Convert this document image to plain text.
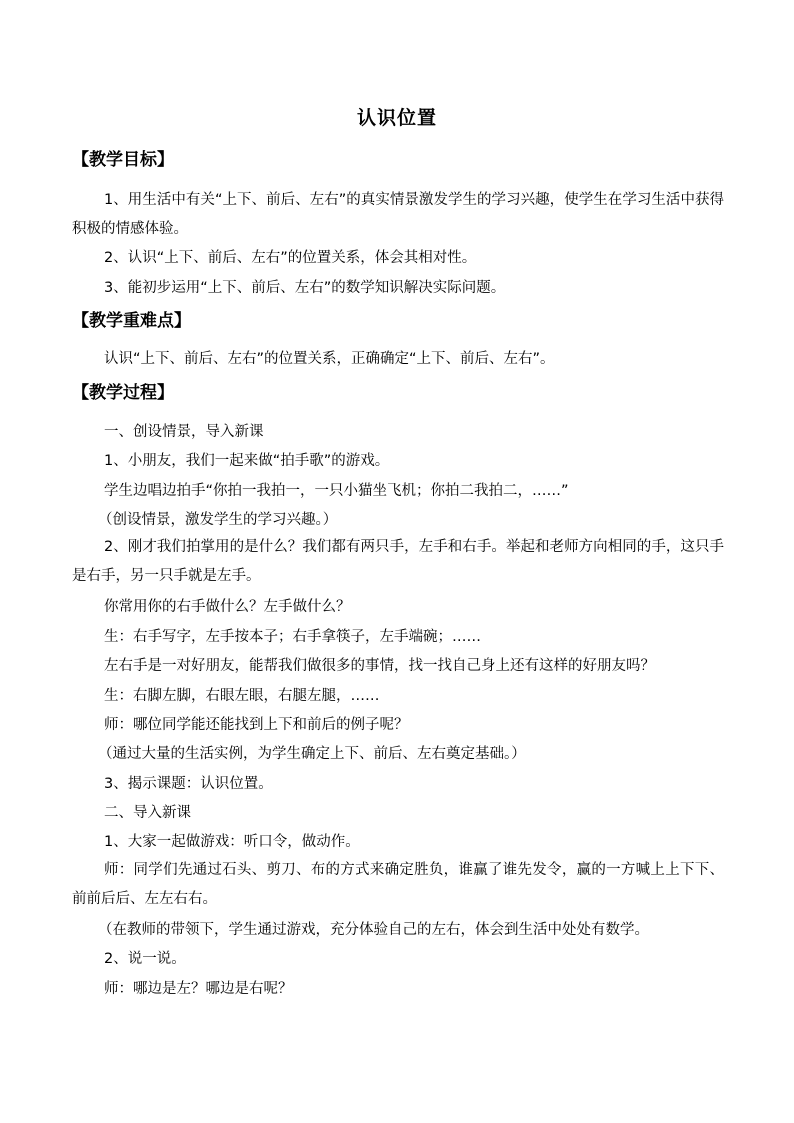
认识位置
【教学目标】
1、用生活中有关“上下、前后、左右”的真实情景激发学生的学习兴趣，使学生在学习生活中获得积极的情感体验。
2、认识“上下、前后、左右”的位置关系，体会其相对性。
3、能初步运用“上下、前后、左右”的数学知识解决实际问题。
【教学重难点】
认识“上下、前后、左右”的位置关系，正确确定“上下、前后、左右”。
【教学过程】
一、创设情景，导入新课
1、小朋友，我们一起来做“拍手歌”的游戏。
学生边唱边拍手“你拍一我拍一，一只小猫坐飞机；你拍二我拍二，……”
（创设情景，激发学生的学习兴趣。）
2、刚才我们拍掌用的是什么？我们都有两只手，左手和右手。举起和老师方向相同的手，这只手是右手，另一只手就是左手。
你常用你的右手做什么？左手做什么？
生：右手写字，左手按本子；右手拿筷子，左手端碗；……
左右手是一对好朋友，能帮我们做很多的事情，找一找自己身上还有这样的好朋友吗？
生：右脚左脚，右眼左眼，右腿左腿，……
师：哪位同学能还能找到上下和前后的例子呢？
（通过大量的生活实例，为学生确定上下、前后、左右奠定基础。）
3、揭示课题：认识位置。
二、导入新课
1、大家一起做游戏：听口令，做动作。
师：同学们先通过石头、剪刀、布的方式来确定胜负，谁赢了谁先发令，赢的一方喊上上下下、前前后后、左左右右。
（在教师的带领下，学生通过游戏，充分体验自己的左右，体会到生活中处处有数学。
2、说一说。
师：哪边是左？哪边是右呢？
